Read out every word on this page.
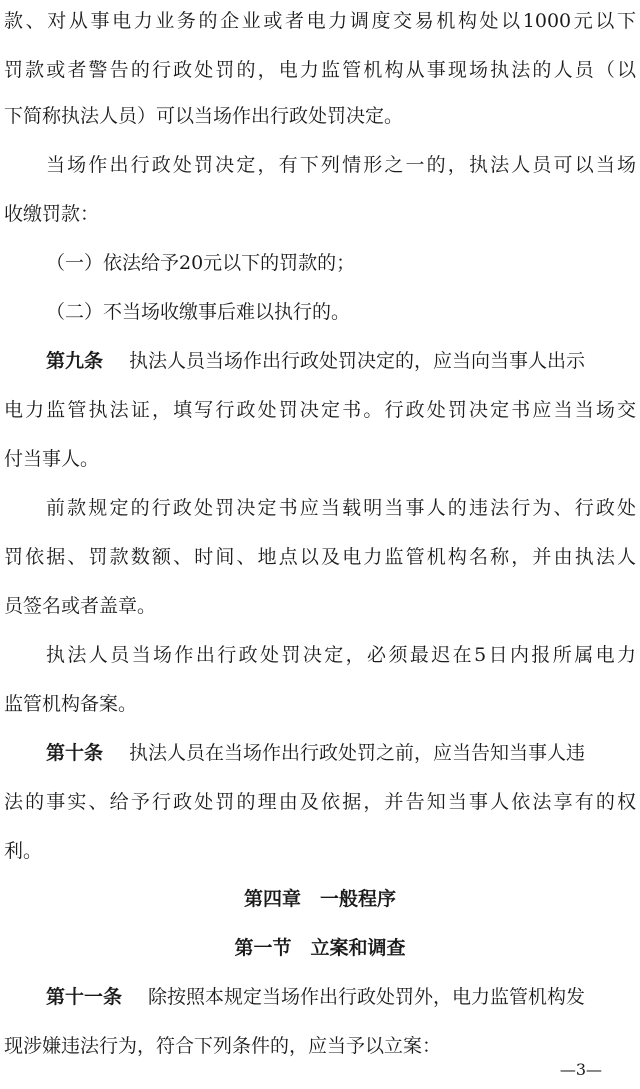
款、对从事电力业务的企业或者电力调度交易机构处以1000元以下
罚款或者警告的行政处罚的，电力监管机构从事现场执法的人员（以
下简称执法人员）可以当场作出行政处罚决定。
当场作出行政处罚决定，有下列情形之一的，执法人员可以当场
收缴罚款：
（一）依法给予20元以下的罚款的；
（二）不当场收缴事后难以执行的。
第九条 执法人员当场作出行政处罚决定的，应当向当事人出示
电力监管执法证，填写行政处罚决定书。行政处罚决定书应当当场交
付当事人。
前款规定的行政处罚决定书应当载明当事人的违法行为、行政处
罚依据、罚款数额、时间、地点以及电力监管机构名称，并由执法人
员签名或者盖章。
执法人员当场作出行政处罚决定，必须最迟在5日内报所属电力
监管机构备案。
第十条 执法人员在当场作出行政处罚之前，应当告知当事人违
法的事实、给予行政处罚的理由及依据，并告知当事人依法享有的权
利。
第四章　一般程序
第一节　立案和调查
第十一条 除按照本规定当场作出行政处罚外，电力监管机构发
现涉嫌违法行为，符合下列条件的，应当予以立案：
—3—
